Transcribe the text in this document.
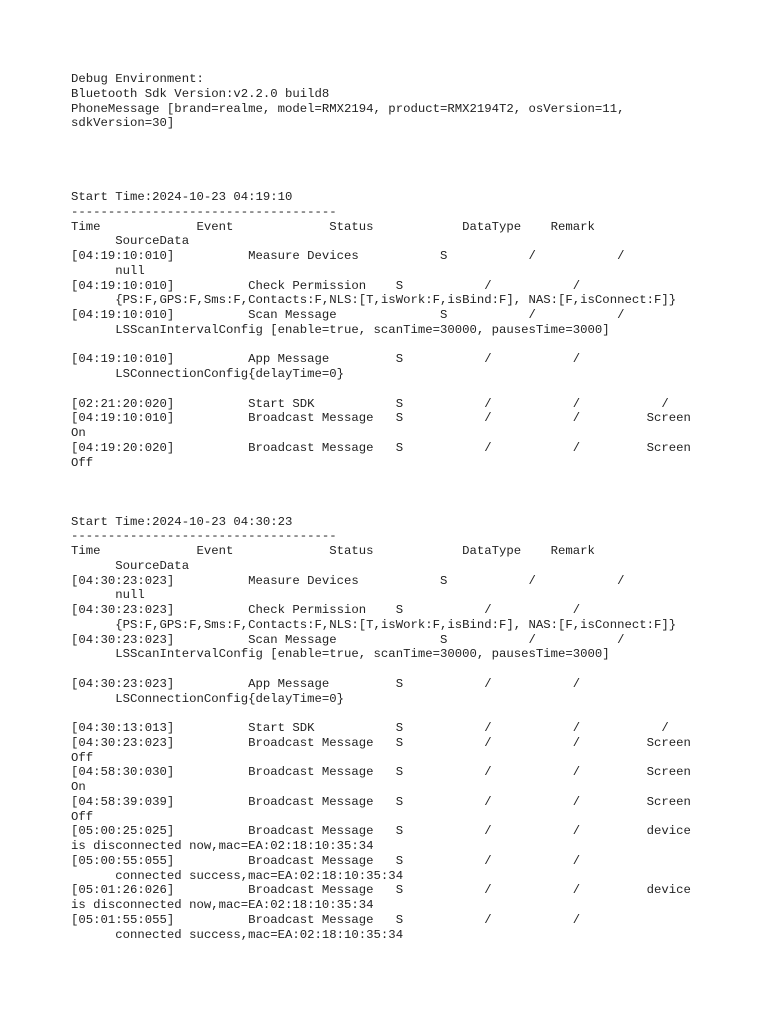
Debug Environment:
Bluetooth Sdk Version:v2.2.0 build8
PhoneMessage [brand=realme, model=RMX2194, product=RMX2194T2, osVersion=11,
sdkVersion=30]
Start Time:2024-10-23 04:19:10
------------------------------------
Time             Event             Status            DataType    Remark
SourceData
[04:19:10:010]          Measure Devices           S           /           /
null
[04:19:10:010]          Check Permission    S           /           /
{PS:F,GPS:F,Sms:F,Contacts:F,NLS:[T,isWork:F,isBind:F], NAS:[F,isConnect:F]}
[04:19:10:010]          Scan Message              S           /           /
LSScanIntervalConfig [enable=true, scanTime=30000, pausesTime=3000]
[04:19:10:010]          App Message         S           /           /
LSConnectionConfig{delayTime=0}
[02:21:20:020]          Start SDK           S           /           /           /
[04:19:10:010]          Broadcast Message   S           /           /         Screen
On
[04:19:20:020]          Broadcast Message   S           /           /         Screen
Off
Start Time:2024-10-23 04:30:23
------------------------------------
Time             Event             Status            DataType    Remark
SourceData
[04:30:23:023]          Measure Devices           S           /           /
null
[04:30:23:023]          Check Permission    S           /           /
{PS:F,GPS:F,Sms:F,Contacts:F,NLS:[T,isWork:F,isBind:F], NAS:[F,isConnect:F]}
[04:30:23:023]          Scan Message              S           /           /
LSScanIntervalConfig [enable=true, scanTime=30000, pausesTime=3000]
[04:30:23:023]          App Message         S           /           /
LSConnectionConfig{delayTime=0}
[04:30:13:013]          Start SDK           S           /           /           /
[04:30:23:023]          Broadcast Message   S           /           /         Screen
Off
[04:58:30:030]          Broadcast Message   S           /           /         Screen
On
[04:58:39:039]          Broadcast Message   S           /           /         Screen
Off
[05:00:25:025]          Broadcast Message   S           /           /         device
is disconnected now,mac=EA:02:18:10:35:34
[05:00:55:055]          Broadcast Message   S           /           /
connected success,mac=EA:02:18:10:35:34
[05:01:26:026]          Broadcast Message   S           /           /         device
is disconnected now,mac=EA:02:18:10:35:34
[05:01:55:055]          Broadcast Message   S           /           /
connected success,mac=EA:02:18:10:35:34
